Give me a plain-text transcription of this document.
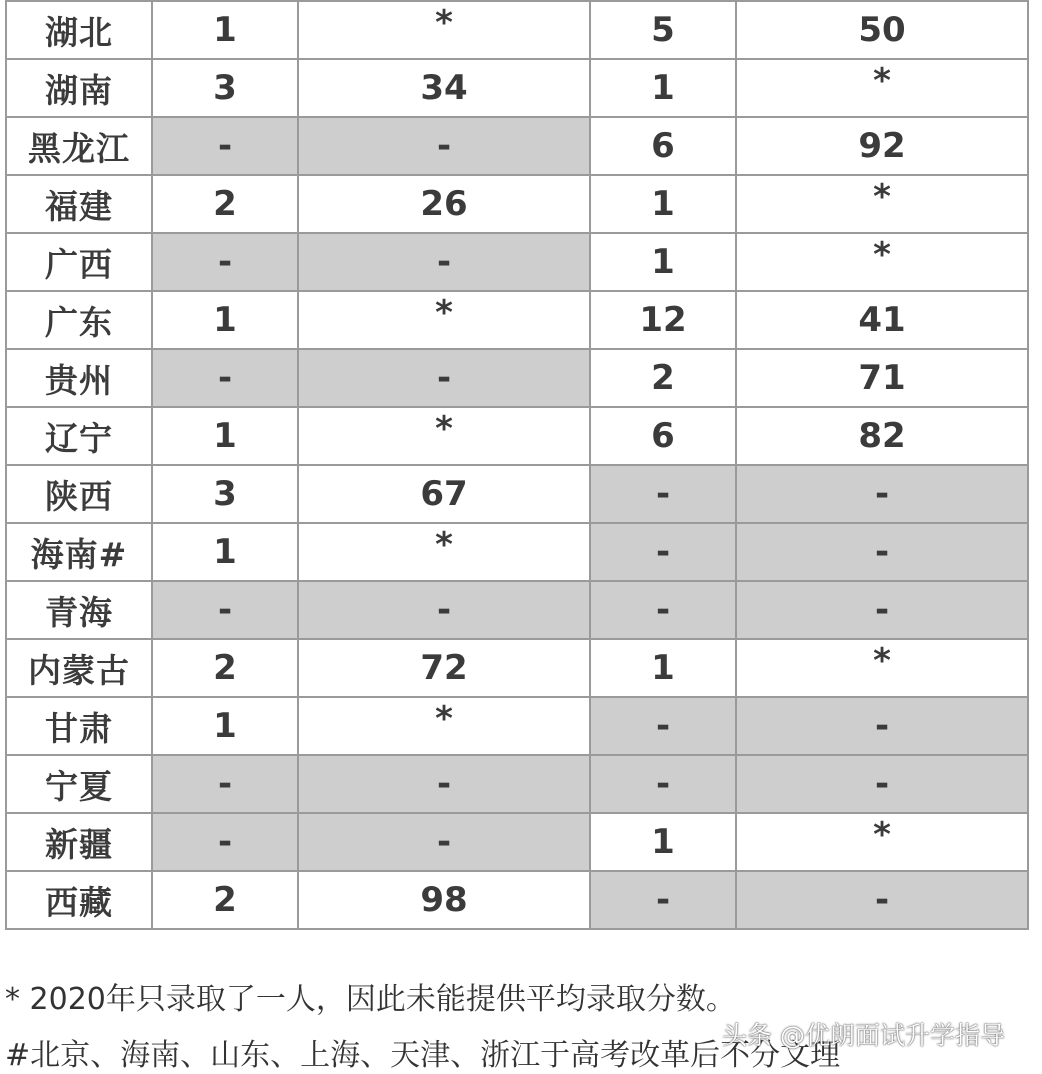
湖北	1	*	5	50
湖南	3	34	1	*
黑龙江	-	-	6	92
福建	2	26	1	*
广西	-	-	1	*
广东	1	*	12	41
贵州	-	-	2	71
辽宁	1	*	6	82
陕西	3	67	-	-
海南#	1	*	-	-
青海	-	-	-	-
内蒙古	2	72	1	*
甘肃	1	*	-	-
宁夏	-	-	-	-
新疆	-	-	1	*
西藏	2	98	-	-
* 2020年只录取了一人，因此未能提供平均录取分数。
#北京、海南、山东、上海、天津、浙江于高考改革后不分文理
头条 @优朗面试升学指导
